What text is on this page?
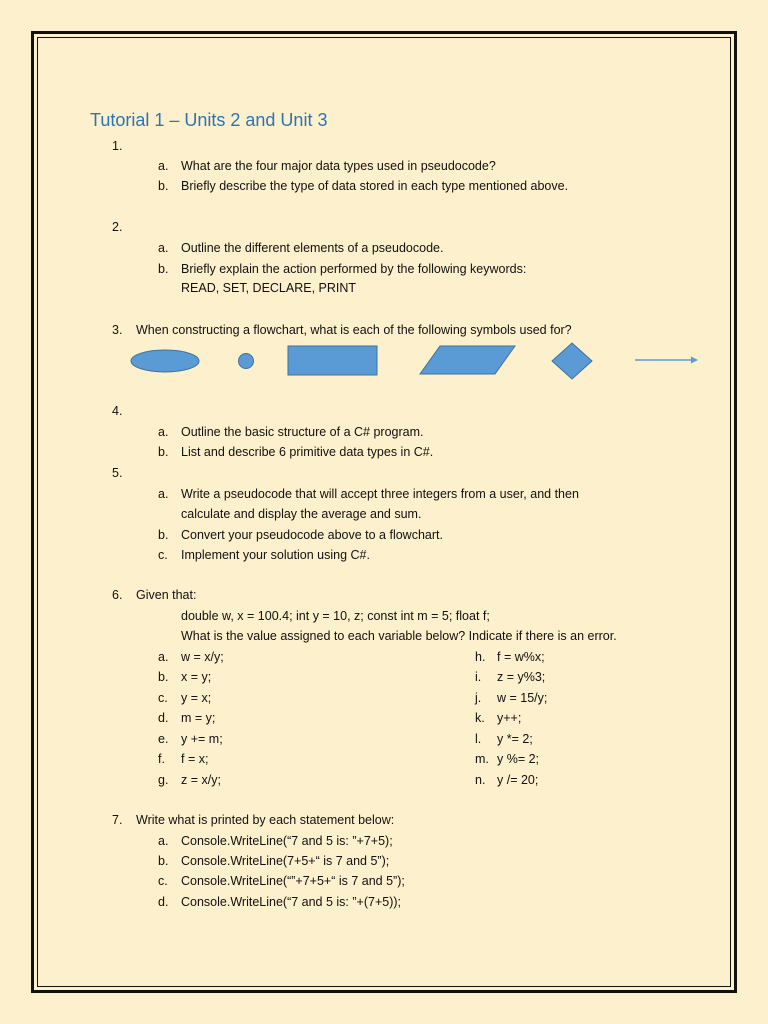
Tutorial 1 – Units 2 and Unit 3
1.
a. What are the four major data types used in pseudocode?
b. Briefly describe the type of data stored in each type mentioned above.
2.
a. Outline the different elements of a pseudocode.
b. Briefly explain the action performed by the following keywords:
READ, SET, DECLARE, PRINT
3. When constructing a flowchart, what is each of the following symbols used for?
4.
a. Outline the basic structure of a C# program.
b. List and describe 6 primitive data types in C#.
5.
a. Write a pseudocode that will accept three integers from a user, and then
calculate and display the average and sum.
b. Convert your pseudocode above to a flowchart.
c. Implement your solution using C#.
6. Given that:
double w, x = 100.4; int y = 10, z; const int m = 5; float f;
What is the value assigned to each variable below? Indicate if there is an error.
a. w = x/y;
b. x = y;
c. y = x;
d. m = y;
e. y += m;
f. f = x;
g. z = x/y;
h. f = w%x;
i. z = y%3;
j. w = 15/y;
k. y++;
l. y *= 2;
m. y %= 2;
n. y /= 20;
7. Write what is printed by each statement below:
a. Console.WriteLine(“7 and 5 is: ”+7+5);
b. Console.WriteLine(7+5+“ is 7 and 5”);
c. Console.WriteLine(“”+7+5+“ is 7 and 5”);
d. Console.WriteLine(“7 and 5 is: ”+(7+5));
